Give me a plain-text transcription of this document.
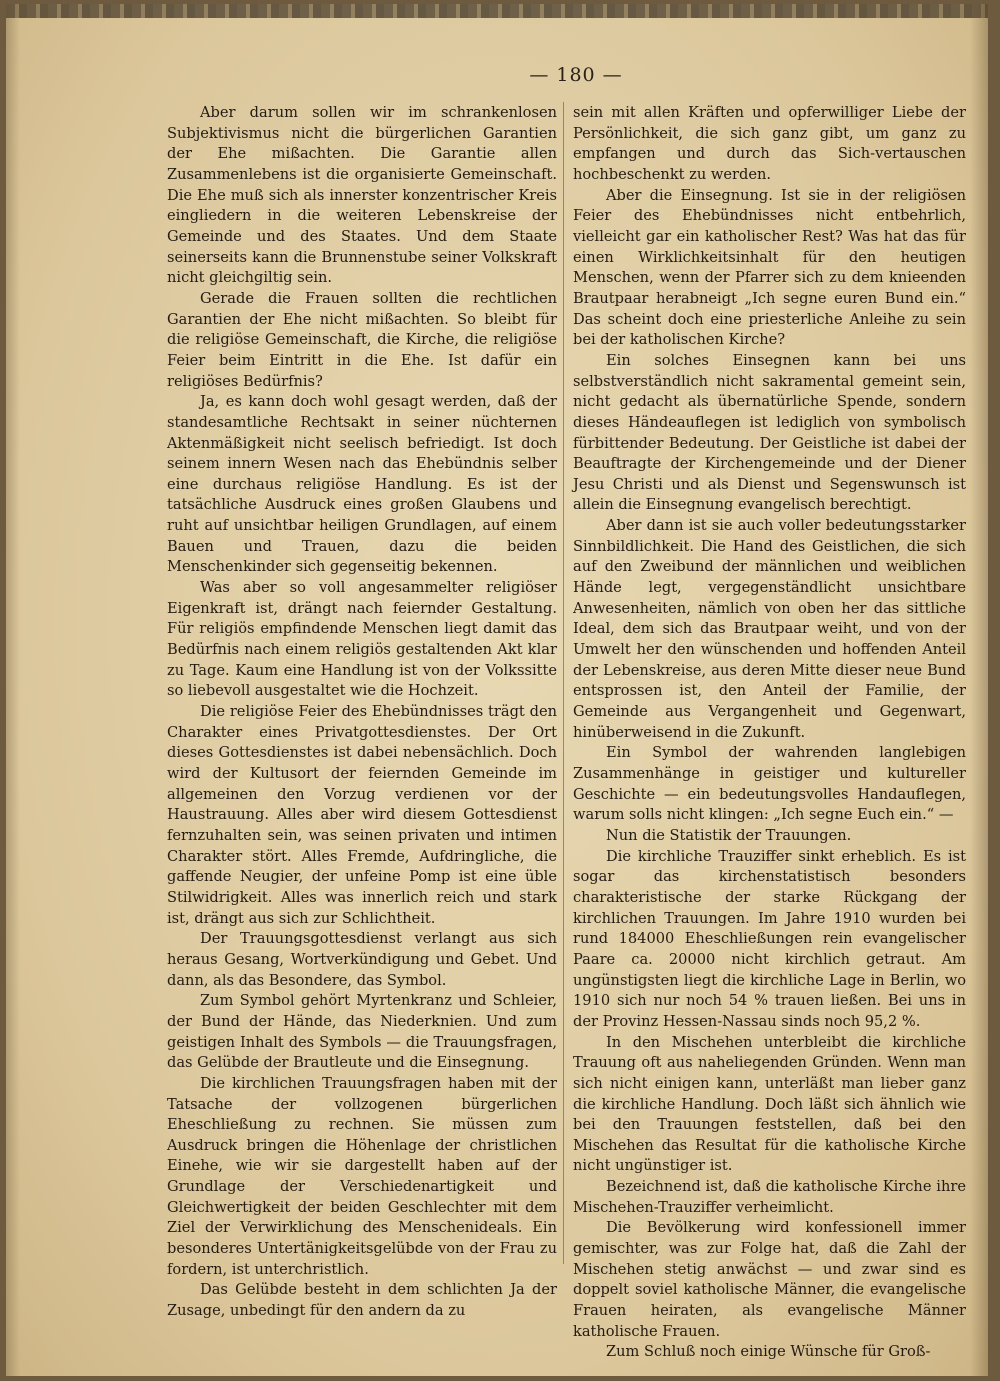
— 180 —

Aber darum sollen wir im schrankenlosen Subjektivismus nicht die bürgerlichen Garantien der Ehe mißachten. Die Garantie allen Zusammenlebens ist die organisierte Gemeinschaft. Die Ehe muß sich als innerster konzentrischer Kreis eingliedern in die weiteren Lebenskreise der Gemeinde und des Staates. Und dem Staate seinerseits kann die Brunnenstube seiner Volkskraft nicht gleichgiltig sein.

Gerade die Frauen sollten die rechtlichen Garantien der Ehe nicht mißachten. So bleibt für die religiöse Gemeinschaft, die Kirche, die religiöse Feier beim Eintritt in die Ehe. Ist dafür ein religiöses Bedürfnis?

Ja, es kann doch wohl gesagt werden, daß der standesamtliche Rechtsakt in seiner nüchternen Aktenmäßigkeit nicht seelisch befriedigt. Ist doch seinem innern Wesen nach das Ehebündnis selber eine durchaus religiöse Handlung. Es ist der tatsächliche Ausdruck eines großen Glaubens und ruht auf unsichtbar heiligen Grundlagen, auf einem Bauen und Trauen, dazu die beiden Menschenkinder sich gegenseitig bekennen.

Was aber so voll angesammelter religiöser Eigenkraft ist, drängt nach feiernder Gestaltung. Für religiös empfindende Menschen liegt damit das Bedürfnis nach einem religiös gestaltenden Akt klar zu Tage. Kaum eine Handlung ist von der Volkssitte so liebevoll ausgestaltet wie die Hochzeit.

Die religiöse Feier des Ehebündnisses trägt den Charakter eines Privatgottesdienstes. Der Ort dieses Gottesdienstes ist dabei nebensächlich. Doch wird der Kultusort der feiernden Gemeinde im allgemeinen den Vorzug verdienen vor der Haustrauung. Alles aber wird diesem Gottesdienst fernzuhalten sein, was seinen privaten und intimen Charakter stört. Alles Fremde, Aufdringliche, die gaffende Neugier, der unfeine Pomp ist eine üble Stilwidrigkeit. Alles was innerlich reich und stark ist, drängt aus sich zur Schlichtheit.

Der Trauungsgottesdienst verlangt aus sich heraus Gesang, Wortverkündigung und Gebet. Und dann, als das Besondere, das Symbol.

Zum Symbol gehört Myrtenkranz und Schleier, der Bund der Hände, das Niederknien. Und zum geistigen Inhalt des Symbols — die Trauungsfragen, das Gelübde der Brautleute und die Einsegnung.

Die kirchlichen Trauungsfragen haben mit der Tatsache der vollzogenen bürgerlichen Eheschließung zu rechnen. Sie müssen zum Ausdruck bringen die Höhenlage der christlichen Einehe, wie wir sie dargestellt haben auf der Grundlage der Verschiedenartigkeit und Gleichwertigkeit der beiden Geschlechter mit dem Ziel der Verwirklichung des Menschenideals. Ein besonderes Untertänigkeitsgelübde von der Frau zu fordern, ist unterchristlich.

Das Gelübde besteht in dem schlichten Ja der Zusage, unbedingt für den andern da zu

sein mit allen Kräften und opferwilliger Liebe der Persönlichkeit, die sich ganz gibt, um ganz zu empfangen und durch das Sich-vertauschen hochbeschenkt zu werden.

Aber die Einsegnung. Ist sie in der religiösen Feier des Ehebündnisses nicht entbehrlich, vielleicht gar ein katholischer Rest? Was hat das für einen Wirklichkeitsinhalt für den heutigen Menschen, wenn der Pfarrer sich zu dem knieenden Brautpaar herabneigt „Ich segne euren Bund ein.“ Das scheint doch eine priesterliche Anleihe zu sein bei der katholischen Kirche?

Ein solches Einsegnen kann bei uns selbstverständlich nicht sakramental gemeint sein, nicht gedacht als übernatürliche Spende, sondern dieses Händeauflegen ist lediglich von symbolisch fürbittender Bedeutung. Der Geistliche ist dabei der Beauftragte der Kirchengemeinde und der Diener Jesu Christi und als Dienst und Segenswunsch ist allein die Einsegnung evangelisch berechtigt.

Aber dann ist sie auch voller bedeutungsstarker Sinnbildlichkeit. Die Hand des Geistlichen, die sich auf den Zweibund der männlichen und weiblichen Hände legt, vergegenständlicht unsichtbare Anwesenheiten, nämlich von oben her das sittliche Ideal, dem sich das Brautpaar weiht, und von der Umwelt her den wünschenden und hoffenden Anteil der Lebenskreise, aus deren Mitte dieser neue Bund entsprossen ist, den Anteil der Familie, der Gemeinde aus Vergangenheit und Gegenwart, hinüberweisend in die Zukunft.

Ein Symbol der wahrenden langlebigen Zusammenhänge in geistiger und kultureller Geschichte — ein bedeutungsvolles Handauflegen, warum solls nicht klingen: „Ich segne Euch ein.“ —

Nun die Statistik der Trauungen.

Die kirchliche Trauziffer sinkt erheblich. Es ist sogar das kirchenstatistisch besonders charakteristische der starke Rückgang der kirchlichen Trauungen. Im Jahre 1910 wurden bei rund 184000 Eheschließungen rein evangelischer Paare ca. 20000 nicht kirchlich getraut. Am ungünstigsten liegt die kirchliche Lage in Berlin, wo 1910 sich nur noch 54 % trauen ließen. Bei uns in der Provinz Hessen-Nassau sinds noch 95,2 %.

In den Mischehen unterbleibt die kirchliche Trauung oft aus naheliegenden Gründen. Wenn man sich nicht einigen kann, unterläßt man lieber ganz die kirchliche Handlung. Doch läßt sich ähnlich wie bei den Trauungen feststellen, daß bei den Mischehen das Resultat für die katholische Kirche nicht ungünstiger ist.

Bezeichnend ist, daß die katholische Kirche ihre Mischehen-Trauziffer verheimlicht.

Die Bevölkerung wird konfessionell immer gemischter, was zur Folge hat, daß die Zahl der Mischehen stetig anwächst — und zwar sind es doppelt soviel katholische Männer, die evangelische Frauen heiraten, als evangelische Männer katholische Frauen.

Zum Schluß noch einige Wünsche für Groß-
